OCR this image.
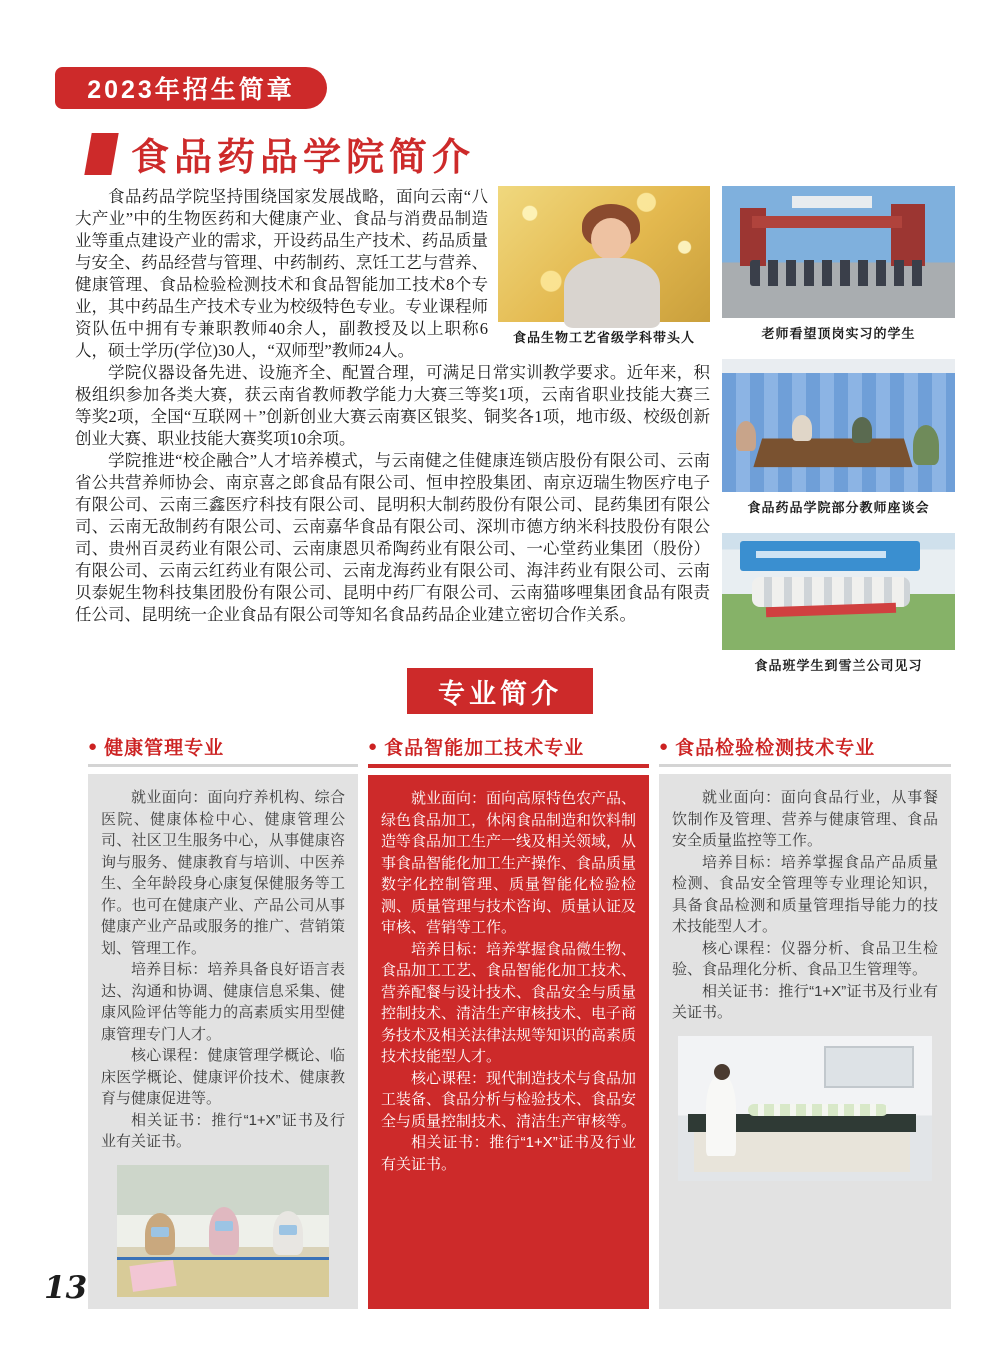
2023年招生简章
食品药品学院简介
老师看望顶岗实习的学生
食品药品学院部分教师座谈会
食品班学生到雪兰公司见习
食品生物工艺省级学科带头人

食品药品学院坚持围绕国家发展战略，面向云南“八大产业”中的生物医药和大健康产业、食品与消费品制造业等重点建设产业的需求，开设药品生产技术、药品质量与安全、药品经营与管理、中药制药、烹饪工艺与营养、健康管理、食品检验检测技术和食品智能加工技术8个专业，其中药品生产技术专业为校级特色专业。专业课程师资队伍中拥有专兼职教师40余人，副教授及以上职称6人，硕士学历(学位)30人，“双师型”教师24人。

学院仪器设备先进、设施齐全、配置合理，可满足日常实训教学要求。近年来，积极组织参加各类大赛，获云南省教师教学能力大赛三等奖1项，云南省职业技能大赛三等奖2项，全国“互联网＋”创新创业大赛云南赛区银奖、铜奖各1项，地市级、校级创新创业大赛、职业技能大赛奖项10余项。

学院推进“校企融合”人才培养模式，与云南健之佳健康连锁店股份有限公司、云南省公共营养师协会、南京喜之郎食品有限公司、恒申控股集团、南京迈瑞生物医疗电子有限公司、云南三鑫医疗科技有限公司、昆明积大制药股份有限公司、昆药集团有限公司、云南无敌制药有限公司、云南嘉华食品有限公司、深圳市德方纳米科技股份有限公司、贵州百灵药业有限公司、云南康恩贝希陶药业有限公司、一心堂药业集团（股份）有限公司、云南云红药业有限公司、云南龙海药业有限公司、海沣药业有限公司、云南贝泰妮生物科技集团股份有限公司、昆明中药厂有限公司、云南猫哆哩集团食品有限责任公司、昆明统一企业食品有限公司等知名食品药品企业建立密切合作关系。

专业简介
● 健康管理专业

就业面向：面向疗养机构、综合医院、健康体检中心、健康管理公司、社区卫生服务中心，从事健康咨询与服务、健康教育与培训、中医养生、全年龄段身心康复保健服务等工作。也可在健康产业、产品公司从事健康产业产品或服务的推广、营销策划、管理工作。

培养目标：培养具备良好语言表达、沟通和协调、健康信息采集、健康风险评估等能力的高素质实用型健康管理专门人才。

核心课程：健康管理学概论、临床医学概论、健康评价技术、健康教育与健康促进等。

相关证书：推行“1+X”证书及行业有关证书。

● 食品智能加工技术专业

就业面向：面向高原特色农产品、绿色食品加工，休闲食品制造和饮料制造等食品加工生产一线及相关领域，从事食品智能化加工生产操作、食品质量数字化控制管理、质量智能化检验检测、质量管理与技术咨询、质量认证及审核、营销等工作。

培养目标：培养掌握食品微生物、食品加工工艺、食品智能化加工技术、营养配餐与设计技术、食品安全与质量控制技术、清洁生产审核技术、电子商务技术及相关法律法规等知识的高素质技术技能型人才。

核心课程：现代制造技术与食品加工装备、食品分析与检验技术、食品安全与质量控制技术、清洁生产审核等。

相关证书：推行“1+X”证书及行业有关证书。

● 食品检验检测技术专业

就业面向：面向食品行业，从事餐饮制作及管理、营养与健康管理、食品安全质量监控等工作。

培养目标：培养掌握食品产品质量检测、食品安全管理等专业理论知识，具备食品检测和质量管理指导能力的技术技能型人才。

核心课程：仪器分析、食品卫生检验、食品理化分析、食品卫生管理等。

相关证书：推行“1+X”证书及行业有关证书。

13
